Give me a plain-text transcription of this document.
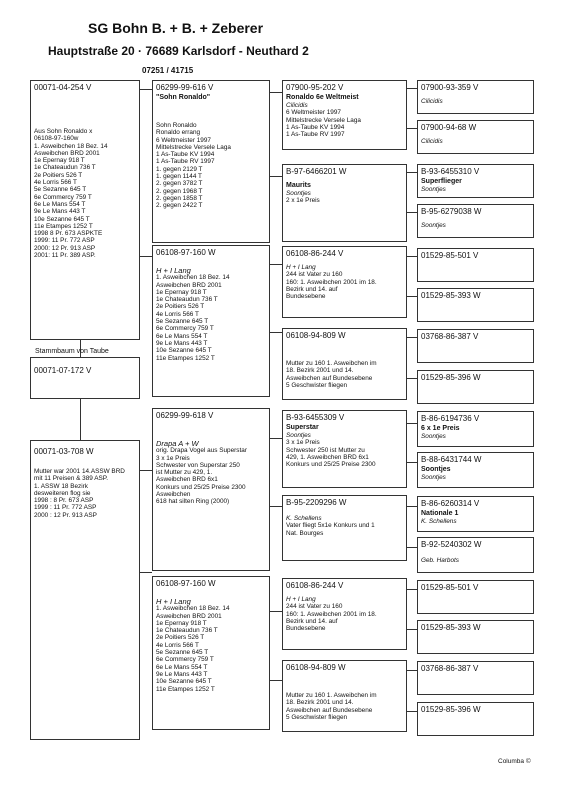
SG Bohn B. + B. + Zeberer
Hauptstraße 20 · 76689 Karlsdorf - Neuthard 2
07251 / 41715
00071-04-254 V
Aus Sohn Ronaldo x
06108-97-160w
1. Asweibchen 18 Bez. 14
Asweibchen BRD 2001
1e Epernay 918 T
1e Chateaudun 736 T
2e Poitiers 526 T
4e Lorris 566 T
5e Sezanne 645 T
6e Commercy 759 T
6e Le Mans 554 T
9e Le Mans 443 T
10e Sezanne 645 T
11e Etampes 1252 T
1998 8 Pr. 673 ASPKTE
1999: 11 Pr. 772 ASP
2000: 12 Pr. 913 ASP
2001: 11 Pr. 389 ASP.
Stammbaum von Taube
00071-07-172 V
00071-03-708 W
Mutter war 2001 14.ASSW BRD
mit 11 Preisen & 389 ASP.
1. ASSW 18 Bezirk
desweiteren flog sie
1998 : 8 Pr. 673 ASP
1999 : 11 Pr. 772 ASP
2000 : 12 Pr. 913 ASP
06299-99-616 V
"Sohn Ronaldo"
Sohn Ronaldo
Ronaldo errang
6 Weltmeister 1997
Mittelstrecke Versele Laga
1 As-Taube KV 1994
1 As-Taube RV 1997
1. gegen 2129 T
1. gegen 1144 T
2. gegen 3782 T
2. gegen 1968 T
2. gegen 1858 T
2. gegen 2422 T
06108-97-160 W
H + I Lang
1. Asweibchen 18 Bez. 14
Asweibchen BRD 2001
1e Epernay 918 T
1e Chateaudun 736 T
2e Poitiers 526 T
4e Lorris 566 T
5e Sezanne 645 T
6e Commercy 759 T
6e Le Mans 554 T
9e Le Mans 443 T
10e Sezanne 645 T
11e Etampes 1252 T
06299-99-618 V
Drapa A + W
orig. Drapa Vogel aus Superstar
3 x 1e Preis
Schwester von Superstar 250
ist Mutter zu 429, 1.
Asweibchen BRD 6x1
Konkurs und 25/25 Preise 2300
Asweibchen
618 hat silten Ring (2000)
06108-97-160 W
H + I Lang
1. Asweibchen 18 Bez. 14
Asweibchen BRD 2001
1e Epernay 918 T
1e Chateaudun 736 T
2e Poitiers 526 T
4e Lorris 566 T
5e Sezanne 645 T
6e Commercy 759 T
6e Le Mans 554 T
9e Le Mans 443 T
10e Sezanne 645 T
11e Etampes 1252 T
07900-95-202 V
Ronaldo 6e Weltmeist
Cilicidis
6 Weltmeister 1997
Mittelstrecke Versele Laga
1 As-Taube KV 1994
1 As-Taube RV 1997
B-97-6466201 W
Maurits
Soontjes
2 x 1e Preis
06108-86-244 V
H + I Lang
244 ist Vater zu 160
160: 1. Asweibchen 2001 im 18.
Bezirk und 14. auf
Bundesebene
06108-94-809 W
Mutter zu 160 1. Asweibchen im
18. Bezirk 2001 und 14.
Asweibchen auf Bundesebene
5 Geschwister fliegen
B-93-6455309 V
Superstar
Soontjes
3 x 1e Preis
Schwester 250 ist Mutter zu
429, 1. Asweibchen BRD 6x1
Konkurs und 25/25 Preise 2300
B-95-2209296 W
K. Schellens
Vater fliegt 5x1e Konkurs und 1
Nat. Bourges
06108-86-244 V
H + I Lang
244 ist Vater zu 160
160: 1. Asweibchen 2001 im 18.
Bezirk und 14. auf
Bundesebene
06108-94-809 W
Mutter zu 160 1. Asweibchen im
18. Bezirk 2001 und 14.
Asweibchen auf Bundesebene
5 Geschwister fliegen
07900-93-359 V
Cilicidis
07900-94-68 W
Cilicidis
B-93-6455310 V
Superflieger
Soontjes
B-95-6279038 W
Soontjes
01529-85-501 V
01529-85-393 W
03768-86-387 V
01529-85-396 W
B-86-6194736 V
6 x 1e Preis
Soontjes
B-88-6431744 W
Soontjes
Soontjes
B-86-6260314 V
Nationale 1
K. Schellens
B-92-5240302 W
Geb. Harbots
01529-85-501 V
01529-85-393 W
03768-86-387 V
01529-85-396 W
Columba ©
